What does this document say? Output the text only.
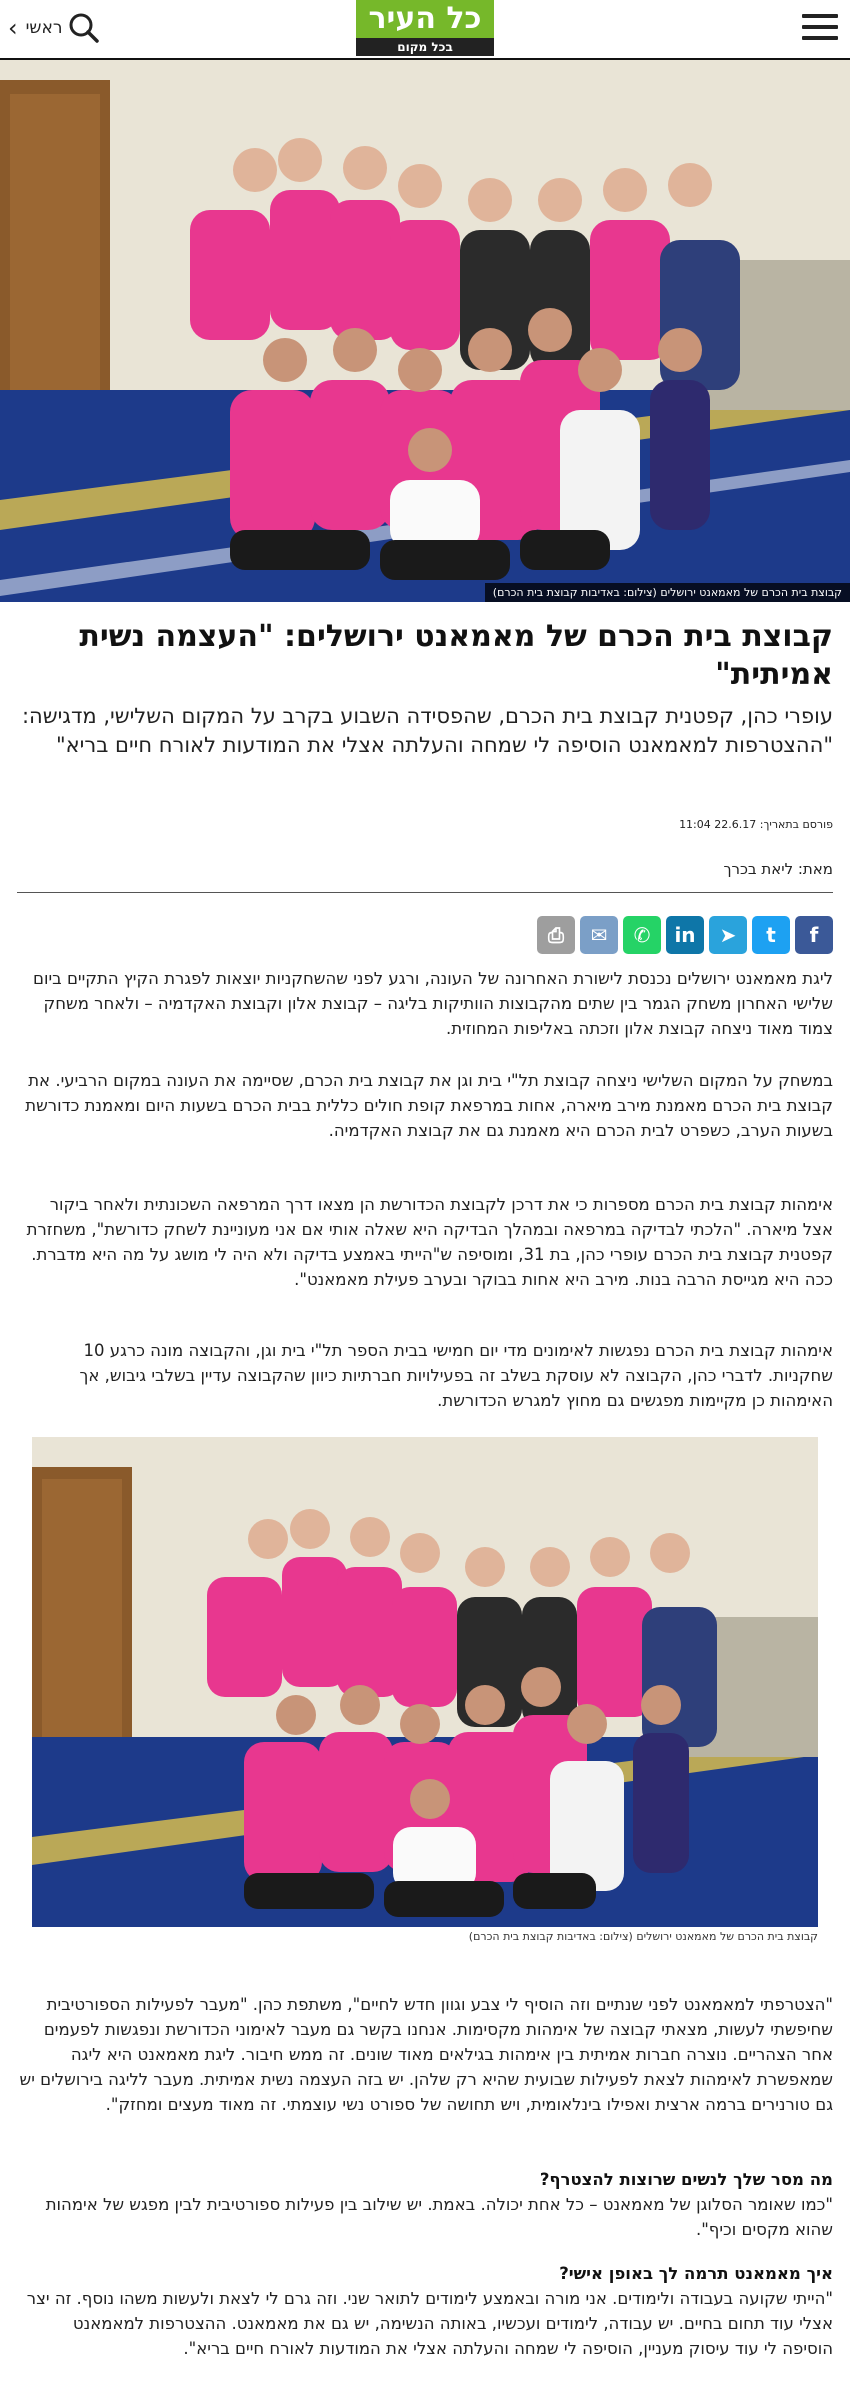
כל העיר
בכל מקום
‹ ראשי
קבוצת בית הכרם של מאמאנט ירושלים (צילום: באדיבות קבוצת בית הכרם)
קבוצת בית הכרם של מאמאנט ירושלים: "העצמה נשית אמיתית"

עופרי כהן, קפטנית קבוצת בית הכרם, שהפסידה השבוע בקרב על המקום השלישי, מדגישה: "ההצטרפות למאמאנט הוסיפה לי שמחה והעלתה אצלי את המודעות לאורח חיים בריא"

פורסם בתאריך: 22.6.17 11:04
מאת: ליאת בכרך
f
t
➤
in
✆
✉
⎙

ליגת מאמאנט ירושלים נכנסת לישורת האחרונה של העונה, ורגע לפני שהשחקניות יוצאות לפגרת הקיץ התקיים ביום שלישי האחרון משחק הגמר בין שתים מהקבוצות הוותיקות בליגה – קבוצת אלון וקבוצת האקדמיה – ולאחר משחק צמוד מאוד ניצחה קבוצת אלון וזכתה באליפות המחוזית.

במשחק על המקום השלישי ניצחה קבוצת תל"י בית וגן את קבוצת בית הכרם, שסיימה את העונה במקום הרביעי. את קבוצת בית הכרם מאמנת מירב מיארה, אחות במרפאת קופת חולים כללית בבית הכרם בשעות היום ומאמנת כדורשת בשעות הערב, כשפרט לבית הכרם היא מאמנת גם את קבוצת האקדמיה.

אימהות קבוצת בית הכרם מספרות כי את דרכן לקבוצת הכדורשת הן מצאו דרך המרפאה השכונתית ולאחר ביקור אצל מיארה. "הלכתי לבדיקה במרפאה ובמהלך הבדיקה היא שאלה אותי אם אני מעוניינת לשחק כדורשת", משחזרת קפטנית קבוצת בית הכרם עופרי כהן, בת 31, ומוסיפה ש"הייתי באמצע בדיקה ולא היה לי מושג על מה היא מדברת. ככה היא מגייסת הרבה בנות. מירב היא אחות בבוקר ובערב פעילת מאמאנט".

אימהות קבוצת בית הכרם נפגשות לאימונים מדי יום חמישי בבית הספר תל"י בית וגן, והקבוצה מונה כרגע 10 שחקניות. לדברי כהן, הקבוצה לא עוסקת בשלב זה בפעילויות חברתיות כיוון שהקבוצה עדיין בשלבי גיבוש, אך האימהות כן מקיימות מפגשים גם מחוץ למגרש הכדורשת.

קבוצת בית הכרם של מאמאנט ירושלים (צילום: באדיבות קבוצת בית הכרם)

"הצטרפתי למאמאנט לפני שנתיים וזה הוסיף לי צבע וגוון חדש לחיים", משתפת כהן. "מעבר לפעילות הספורטיבית שחיפשתי לעשות, מצאתי קבוצה של אימהות מקסימות. אנחנו בקשר גם מעבר לאימוני הכדורשת ונפגשות לפעמים אחר הצהריים. נוצרה חברות אמיתית בין אימהות בגילאים מאוד שונים. זה ממש חיבור. ליגת מאמאנט היא ליגה שמאפשרת לאימהות לצאת לפעילות שבועית שהיא רק שלהן. יש בזה העצמה נשית אמיתית. מעבר לליגה בירושלים יש גם טורנירים ברמה ארצית ואפילו בינלאומית, ויש תחושה של ספורט נשי עוצמתי. זה מאוד מעצים ומחזק".

מה מסר שלך לנשים שרוצות להצטרף?

"כמו שאומר הסלוגן של מאמאנט – כל אחת יכולה. באמת. יש שילוב בין פעילות ספורטיבית לבין מפגש של אימהות שהוא מקסים וכיף".

איך מאמאנט תרמה לך באופן אישי?

"הייתי שקועה בעבודה ולימודים. אני מורה ובאמצע לימודים לתואר שני. וזה גרם לי לצאת ולעשות משהו נוסף. זה יצר אצלי עוד תחום בחיים. יש עבודה, לימודים ועכשיו, באותה הנשימה, יש גם את מאמאנט. ההצטרפות למאמאנט הוסיפה לי עוד עיסוק מעניין, הוסיפה לי שמחה והעלתה אצלי את המודעות לאורח חיים בריא".
